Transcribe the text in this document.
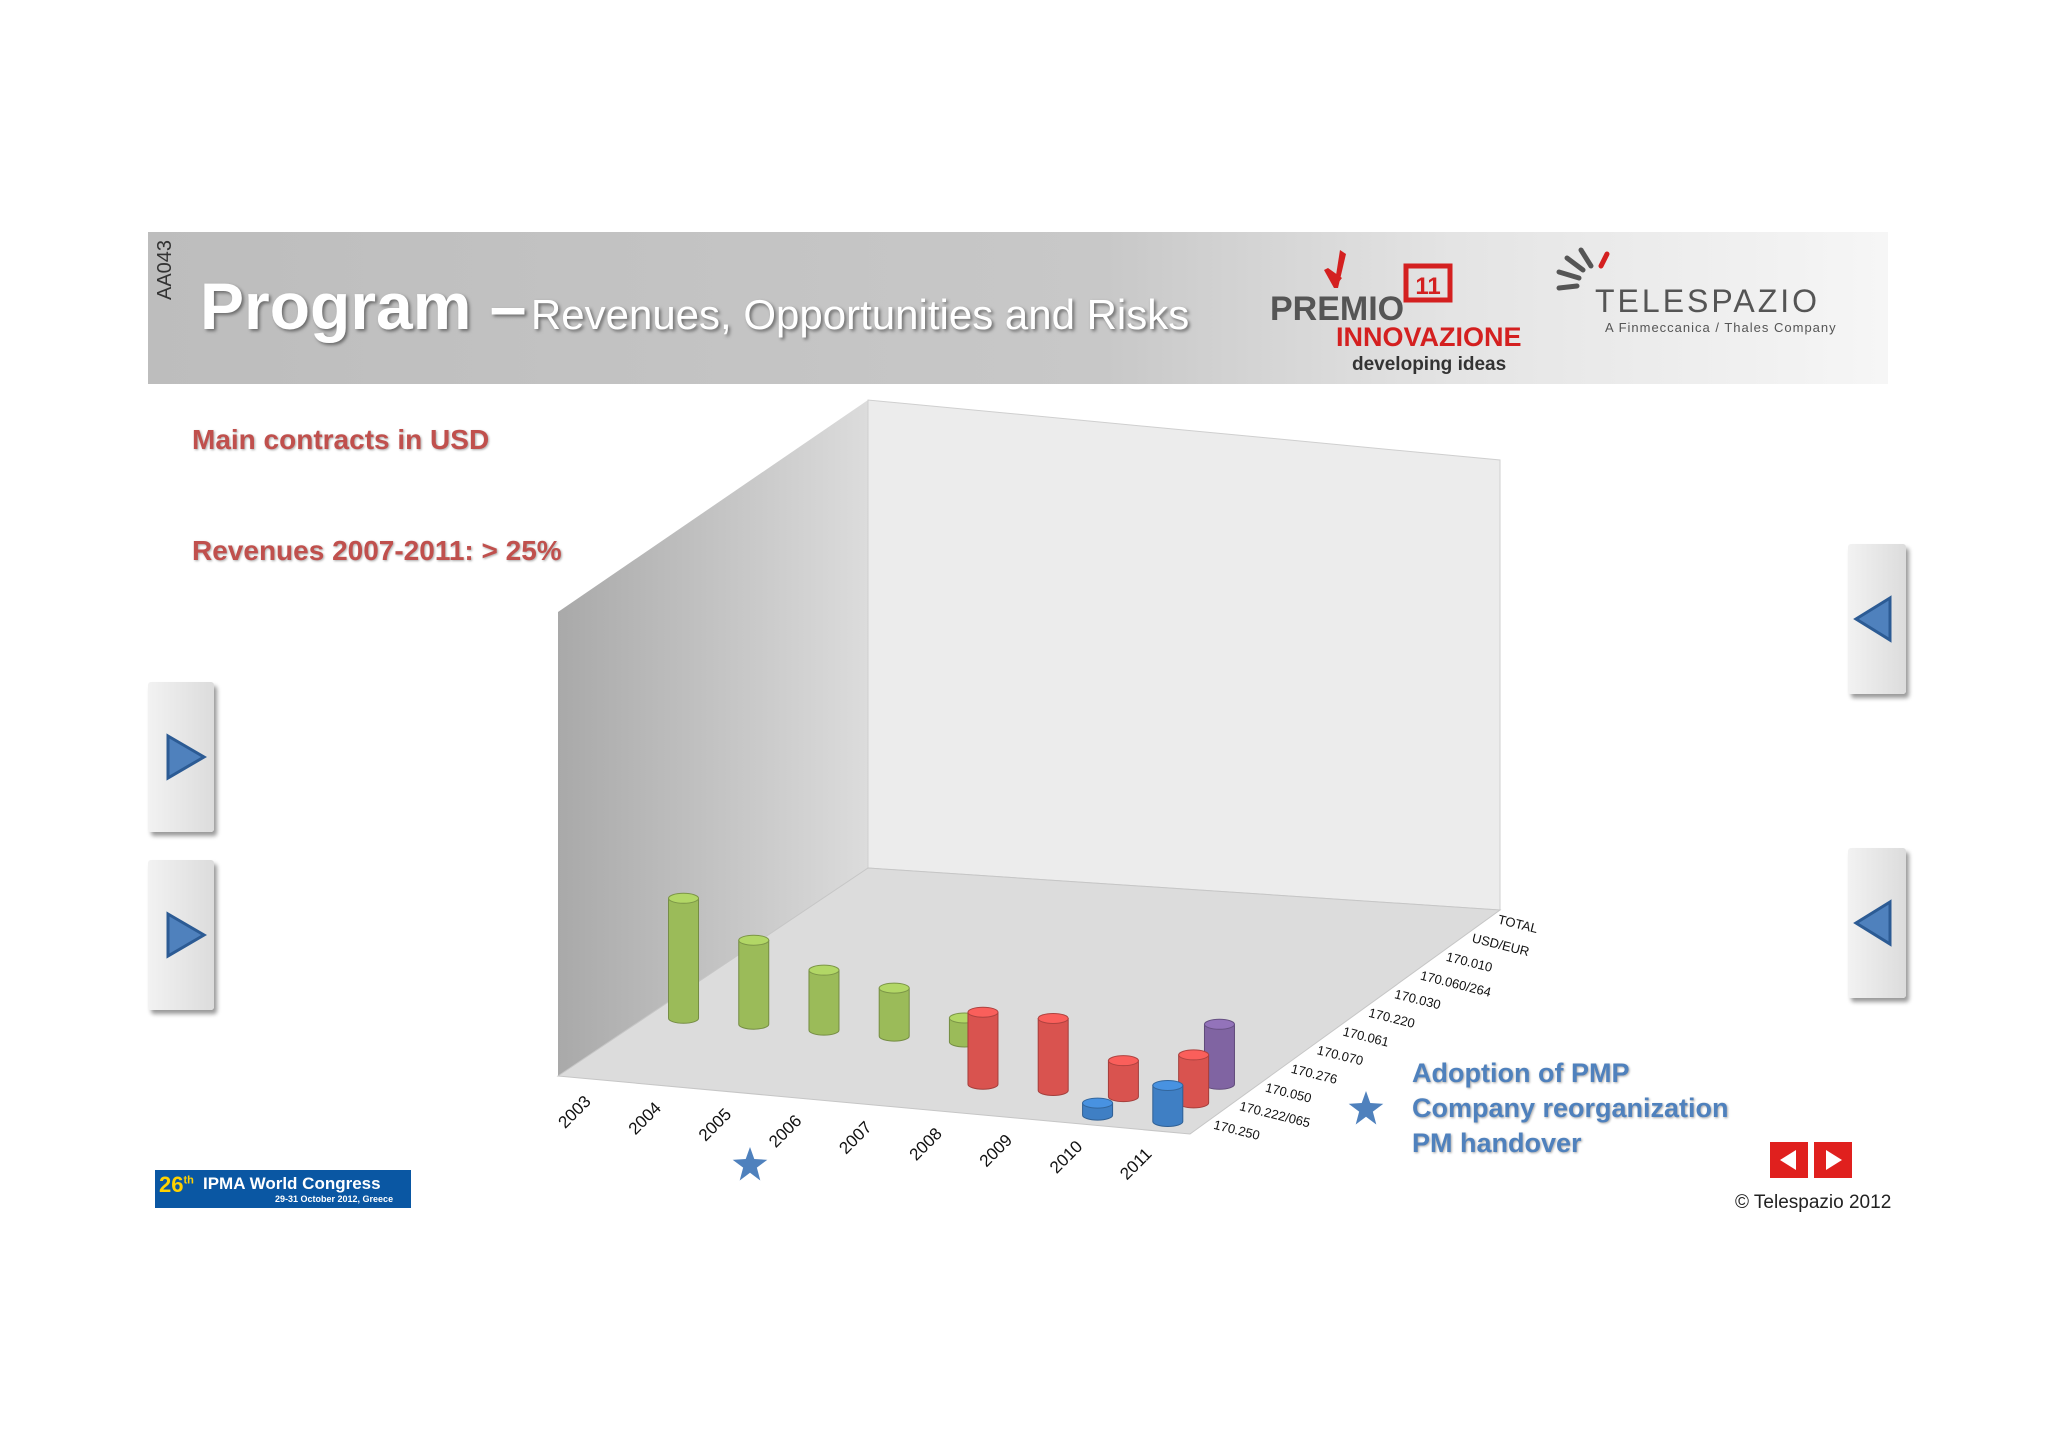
AA043 Program – Revenues, Opportunities and Risks
11
PREMIO
INNOVAZIONE
developing ideas
TELESPAZIO
A Finmeccanica / Thales Company
Main contracts in USD
Revenues 2007-2011: > 25%
2003 2004 2005 2006 2007 2008 2009 2010 2011
170.250
170.222/065
170.050
170.276
170.070
170.061
170.220
170.030
170.060/264
170.010
USD/EUR
TOTAL
Adoption of PMP
Company reorganization
PM handover
26th IPMA World Congress
29-31 October 2012, Greece	© Telespazio 2012
